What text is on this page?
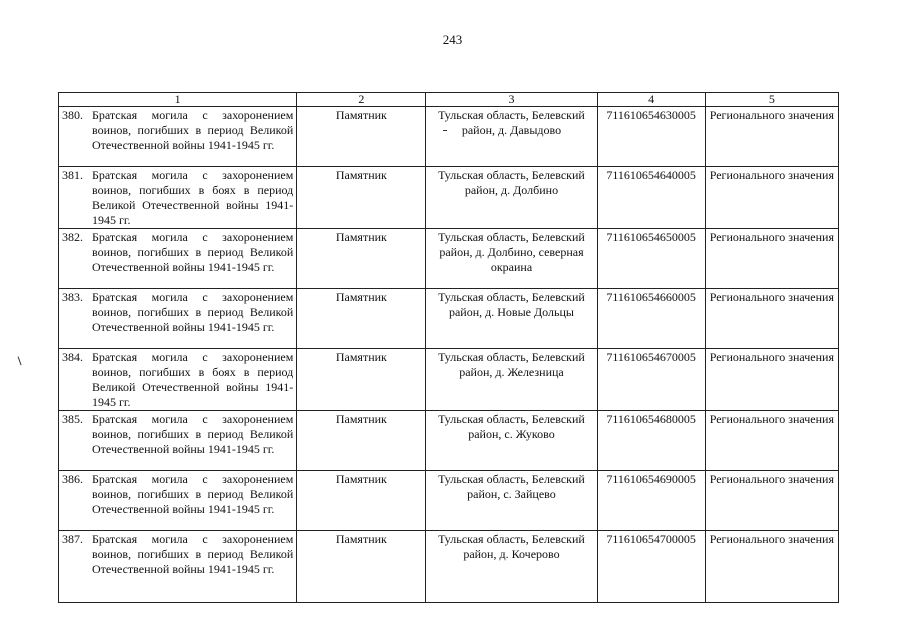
243
1	2	3	4	5

380. Братская могила с захоронением воинов, погибших в период Великой Отечественной войны 1941-1945 гг.	Памятник	Тульская область, Белевский район, д. Давыдово	711610654630005	Регионального значения

381. Братская могила с захоронением воинов, погибших в боях в период Великой Отечественной войны 1941-1945 гг.	Памятник	Тульская область, Белевский район, д. Долбино	711610654640005	Регионального значения

382. Братская могила с захоронением воинов, погибших в период Великой Отечественной войны 1941-1945 гг.	Памятник	Тульская область, Белевский район, д. Долбино, северная окраина	711610654650005	Регионального значения

383. Братская могила с захоронением воинов, погибших в период Великой Отечественной войны 1941-1945 гг.	Памятник	Тульская область, Белевский район, д. Новые Дольцы	711610654660005	Регионального значения

384. Братская могила с захоронением воинов, погибших в боях в период Великой Отечественной войны 1941-1945 гг.	Памятник	Тульская область, Белевский район, д. Железница	711610654670005	Регионального значения

385. Братская могила с захоронением воинов, погибших в период Великой Отечественной войны 1941-1945 гг.	Памятник	Тульская область, Белевский район, с. Жуково	711610654680005	Регионального значения

386. Братская могила с захоронением воинов, погибших в период Великой Отечественной войны 1941-1945 гг.	Памятник	Тульская область, Белевский район, с. Зайцево	711610654690005	Регионального значения

387. Братская могила с захоронением воинов, погибших в период Великой Отечественной войны 1941-1945 гг.	Памятник	Тульская область, Белевский район, д. Кочерово	711610654700005	Регионального значения
